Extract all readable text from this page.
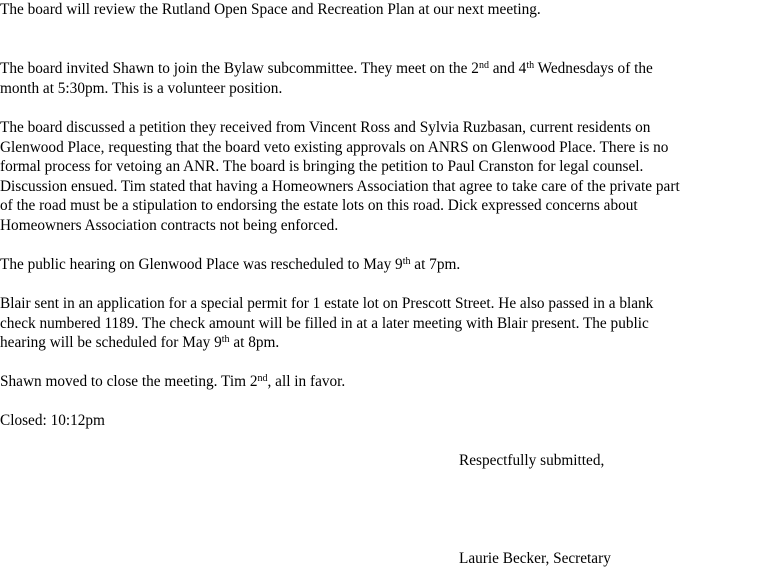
The board will review the Rutland Open Space and Recreation Plan at our next meeting.

The board invited Shawn to join the Bylaw subcommittee. They meet on the 2nd and 4th Wednesdays of the

month at 5:30pm. This is a volunteer position.

The board discussed a petition they received from Vincent Ross and Sylvia Ruzbasan, current residents on

Glenwood Place, requesting that the board veto existing approvals on ANRS on Glenwood Place. There is no

formal process for vetoing an ANR. The board is bringing the petition to Paul Cranston for legal counsel.

Discussion ensued. Tim stated that having a Homeowners Association that agree to take care of the private part

of the road must be a stipulation to endorsing the estate lots on this road. Dick expressed concerns about

Homeowners Association contracts not being enforced.

The public hearing on Glenwood Place was rescheduled to May 9th at 7pm.

Blair sent in an application for a special permit for 1 estate lot on Prescott Street. He also passed in a blank

check numbered 1189. The check amount will be filled in at a later meeting with Blair present. The public

hearing will be scheduled for May 9th at 8pm.

Shawn moved to close the meeting. Tim 2nd, all in favor.

Closed: 10:12pm

Respectfully submitted,

Laurie Becker, Secretary
